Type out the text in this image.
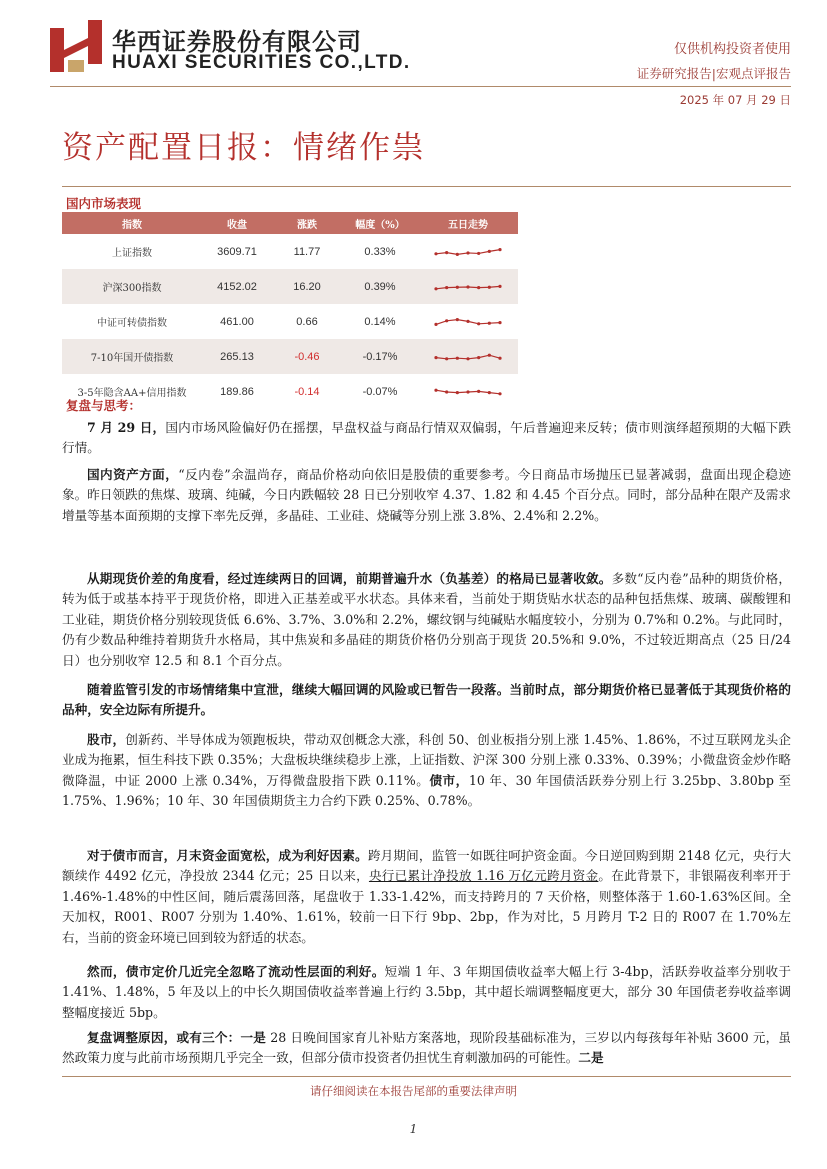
华西证券股份有限公司
HUAXI SECURITIES CO.,LTD.
仅供机构投资者使用
证券研究报告|宏观点评报告
2025 年 07 月 29 日
资产配置日报：情绪作祟
国内市场表现
指数	收盘	涨跌	幅度（%）	五日走势
上证指数	3609.71	11.77	0.33%	

沪深300指数	4152.02	16.20	0.39%	

中证可转债指数	461.00	0.66	0.14%	

7-10年国开债指数	265.13	-0.46	-0.17%	

3-5年隐含AA+信用指数	189.86	-0.14	-0.07%	
复盘与思考：

7 月 29 日，国内市场风险偏好仍在摇摆，早盘权益与商品行情双双偏弱，午后普遍迎来反转；债市则演绎超预期的大幅下跌行情。

国内资产方面，“反内卷”余温尚存，商品价格动向依旧是股债的重要参考。今日商品市场抛压已显著减弱，盘面出现企稳迹象。昨日领跌的焦煤、玻璃、纯碱，今日内跌幅较 28 日已分别收窄 4.37、1.82 和 4.45 个百分点。同时，部分品种在限产及需求增量等基本面预期的支撑下率先反弹，多晶硅、工业硅、烧碱等分别上涨 3.8%、2.4%和 2.2%。

从期现货价差的角度看，经过连续两日的回调，前期普遍升水（负基差）的格局已显著收敛。多数“反内卷”品种的期货价格，转为低于或基本持平于现货价格，即进入正基差或平水状态。具体来看，当前处于期货贴水状态的品种包括焦煤、玻璃、碳酸锂和工业硅，期货价格分别较现货低 6.6%、3.7%、3.0%和 2.2%，螺纹钢与纯碱贴水幅度较小，分别为 0.7%和 0.2%。与此同时，仍有少数品种维持着期货升水格局，其中焦炭和多晶硅的期货价格仍分别高于现货 20.5%和 9.0%，不过较近期高点（25 日/24 日）也分别收窄 12.5 和 8.1 个百分点。

随着监管引发的市场情绪集中宣泄，继续大幅回调的风险或已暂告一段落。当前时点，部分期货价格已显著低于其现货价格的品种，安全边际有所提升。

股市，创新药、半导体成为领跑板块，带动双创概念大涨，科创 50、创业板指分别上涨 1.45%、1.86%，不过互联网龙头企业成为拖累，恒生科技下跌 0.35%；大盘板块继续稳步上涨，上证指数、沪深 300 分别上涨 0.33%、0.39%；小微盘资金炒作略微降温，中证 2000 上涨 0.34%，万得微盘股指下跌 0.11%。债市，10 年、30 年国债活跃券分别上行 3.25bp、3.80bp 至 1.75%、1.96%；10 年、30 年国债期货主力合约下跌 0.25%、0.78%。

对于债市而言，月末资金面宽松，成为利好因素。跨月期间，监管一如既往呵护资金面。今日逆回购到期 2148 亿元，央行大额续作 4492 亿元，净投放 2344 亿元；25 日以来，央行已累计净投放 1.16 万亿元跨月资金。在此背景下，非银隔夜利率开于 1.46%-1.48%的中性区间，随后震荡回落，尾盘收于 1.33-1.42%，而支持跨月的 7 天价格，则整体落于 1.60-1.63%区间。全天加权，R001、R007 分别为 1.40%、1.61%，较前一日下行 9bp、2bp，作为对比，5 月跨月 T-2 日的 R007 在 1.70%左右，当前的资金环境已回到较为舒适的状态。

然而，债市定价几近完全忽略了流动性层面的利好。短端 1 年、3 年期国债收益率大幅上行 3-4bp，活跃券收益率分别收于 1.41%、1.48%，5 年及以上的中长久期国债收益率普遍上行约 3.5bp，其中超长端调整幅度更大，部分 30 年国债老券收益率调整幅度接近 5bp。

复盘调整原因，或有三个：一是 28 日晚间国家育儿补贴方案落地，现阶段基础标准为，三岁以内每孩每年补贴 3600 元，虽然政策力度与此前市场预期几乎完全一致，但部分债市投资者仍担忧生育刺激加码的可能性。二是

请仔细阅读在本报告尾部的重要法律声明
1
